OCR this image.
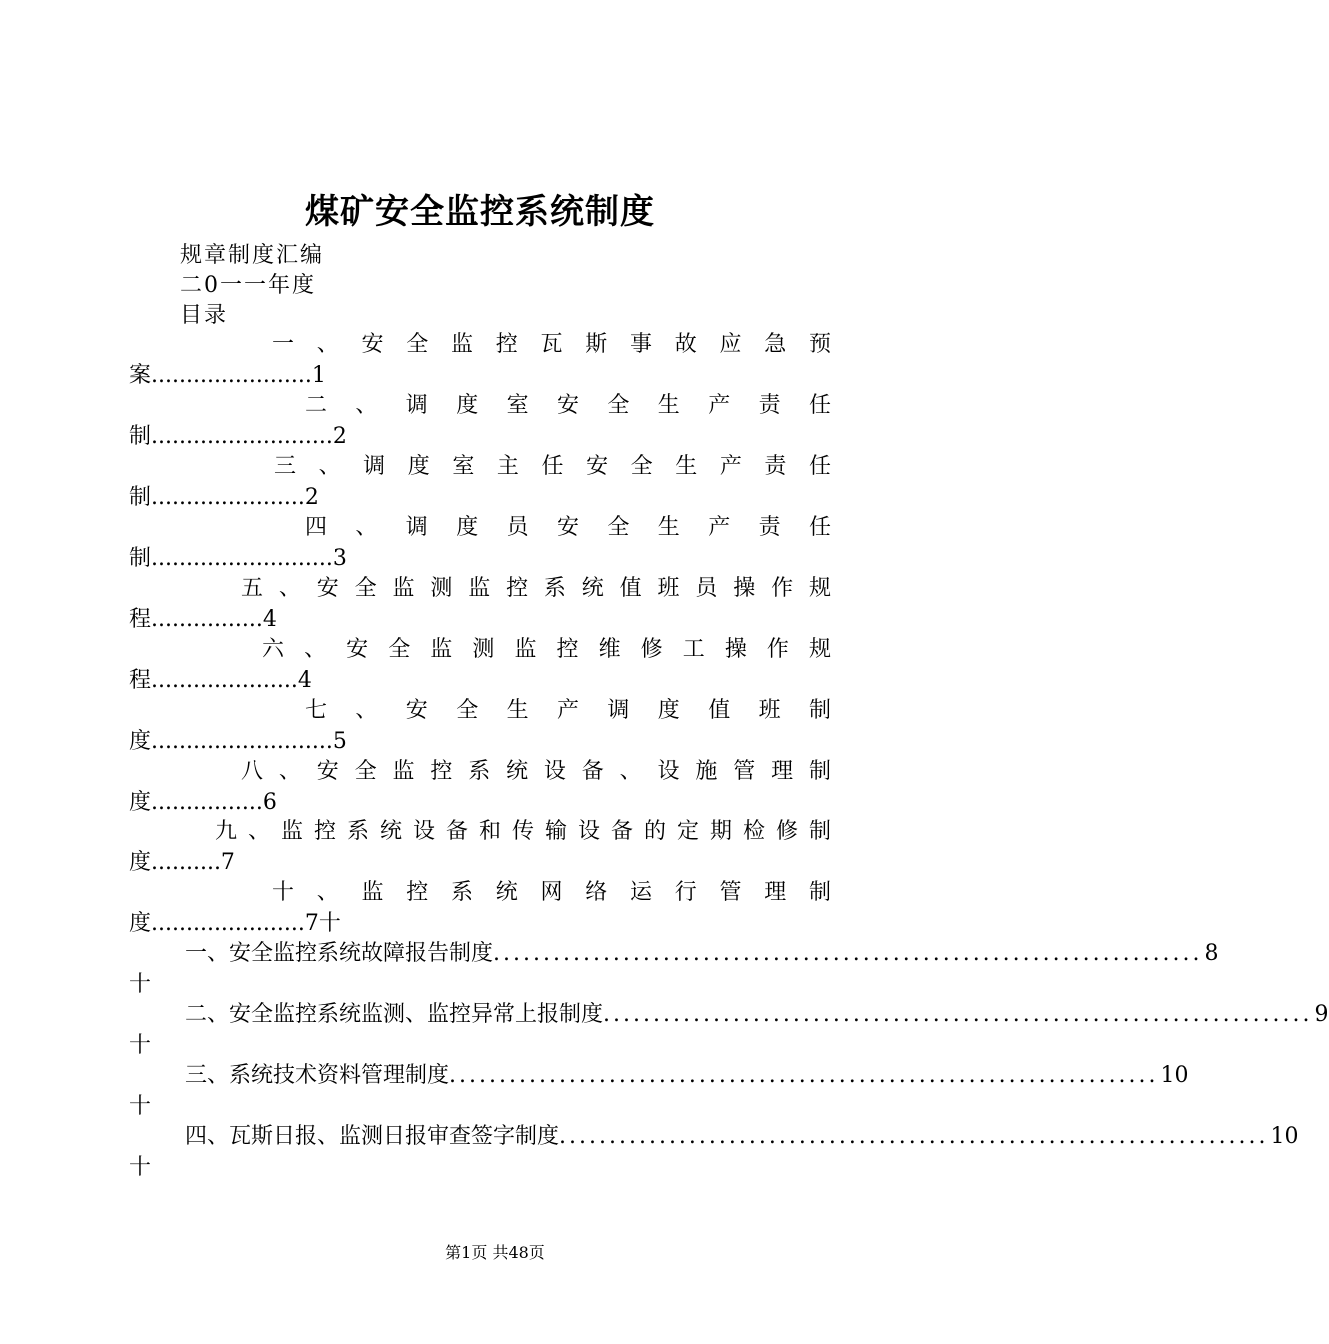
煤矿安全监控系统制度
规章制度汇编
二0一一年度
目录
一 、 安 全 监 控 瓦 斯 事 故 应 急 预
案.......................1
二 、 调 度 室 安 全 生 产 责 任
制..........................2
三 、 调 度 室 主 任 安 全 生 产 责 任
制......................2
四 、 调 度 员 安 全 生 产 责 任
制..........................3
五 、 安 全 监 测 监 控 系 统 值 班 员 操 作 规
程................4
六 、 安 全 监 测 监 控 维 修 工 操 作 规
程.....................4
七 、 安 全 生 产 调 度 值 班 制
度..........................5
八 、 安 全 监 控 系 统 设 备 、 设 施 管 理 制
度................6
九 、 监 控 系 统 设 备 和 传 输 设 备 的 定 期 检 修 制
度..........7
十 、 监 控 系 统 网 络 运 行 管 理 制
度......................7十
一、安全监控系统故障报告制度 ....................................................................... 8
十
二、安全监控系统监测、监控异常上报制度 ....................................................................... 9
十
三、系统技术资料管理制度 ....................................................................... 10
十
四、瓦斯日报、监测日报审查签字制度 ....................................................................... 10
十
第1页 共48页
